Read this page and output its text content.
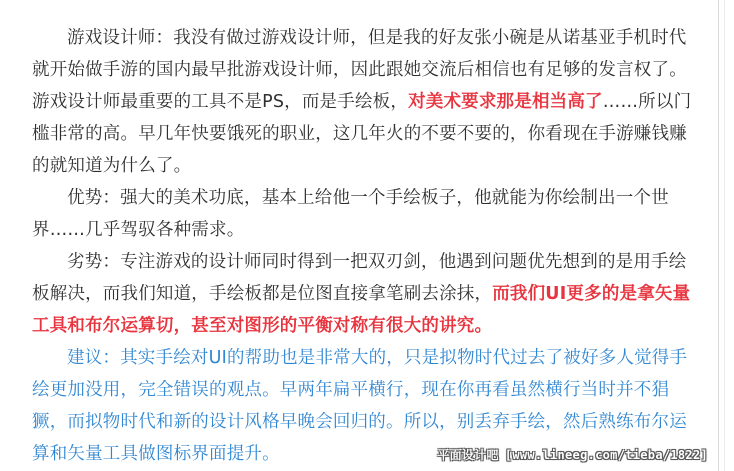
游戏设计师：我没有做过游戏设计师，但是我的好友张小碗是从诺基亚手机时代就开始做手游的国内最早批游戏设计师，因此跟她交流后相信也有足够的发言权了。游戏设计师最重要的工具不是PS，而是手绘板，对美术要求那是相当高了……所以门槛非常的高。早几年快要饿死的职业，这几年火的不要不要的，你看现在手游赚钱赚的就知道为什么了。

优势：强大的美术功底，基本上给他一个手绘板子，他就能为你绘制出一个世界……几乎驾驭各种需求。

劣势：专注游戏的设计师同时得到一把双刃剑，他遇到问题优先想到的是用手绘板解决，而我们知道，手绘板都是位图直接拿笔刷去涂抹，而我们UI更多的是拿矢量工具和布尔运算切，甚至对图形的平衡对称有很大的讲究。

建议：其实手绘对UI的帮助也是非常大的，只是拟物时代过去了被好多人觉得手绘更加没用，完全错误的观点。早两年扁平横行，现在你再看虽然横行当时并不猖獗，而拟物时代和新的设计风格早晚会回归的。所以，别丢弃手绘，然后熟练布尔运算和矢量工具做图标界面提升。	平面设计吧 [www.lineeg.com/tieba/1822]
